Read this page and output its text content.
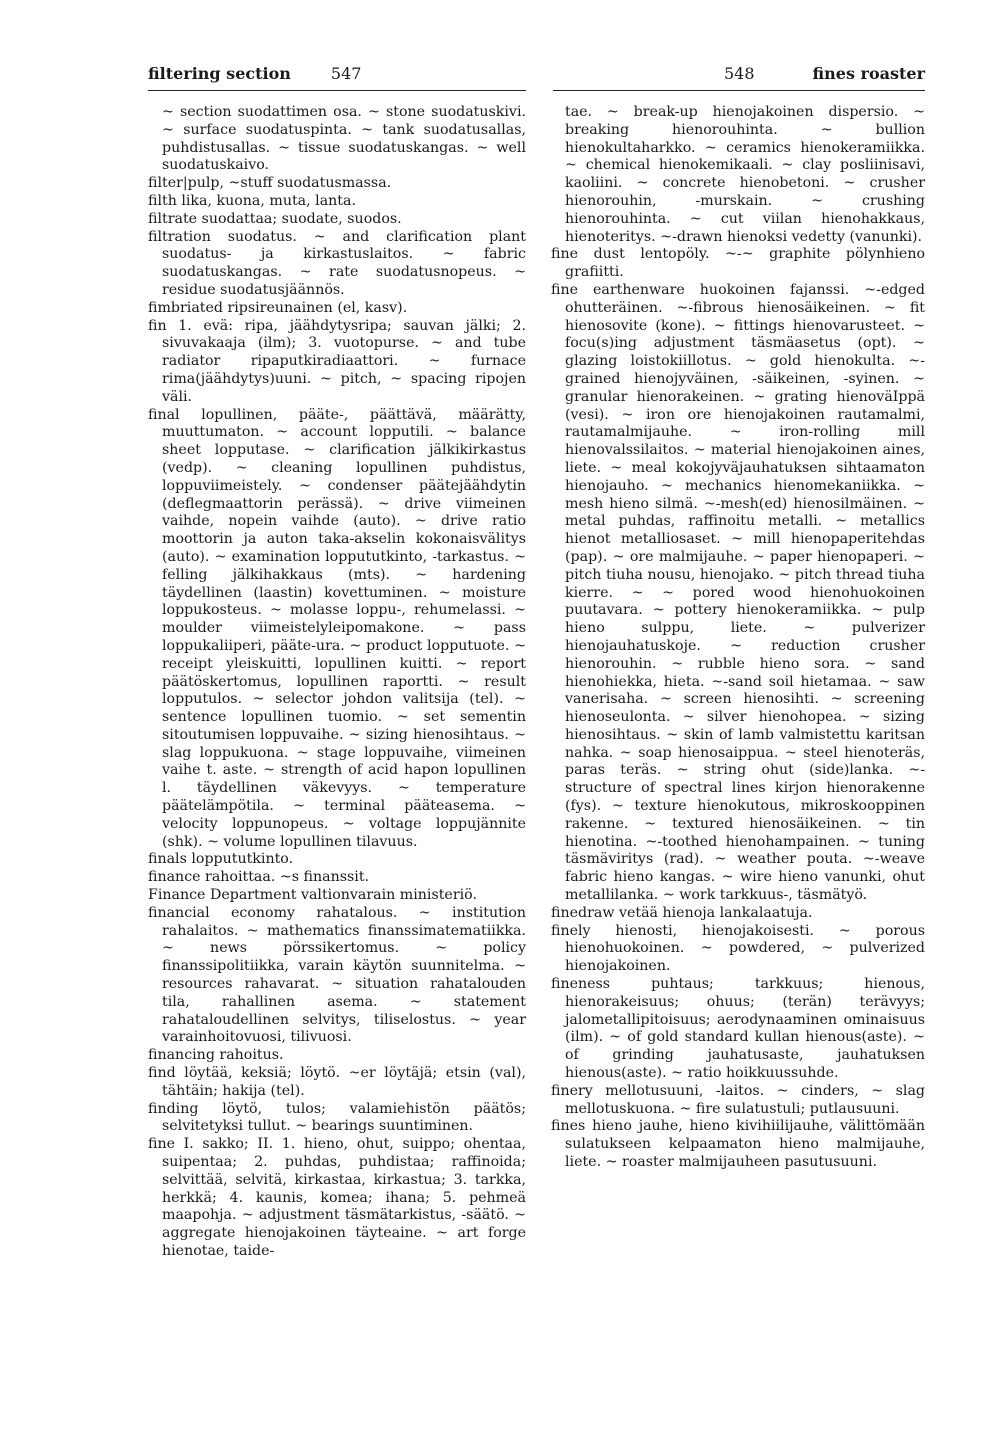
filtering section	547	548	fines roaster

~ section suodattimen osa. ~ stone suodatuskivi. ~ surface suodatuspinta. ~ tank suodatusallas, puhdistusallas. ~ tissue suodatuskangas. ~ well suodatuskaivo.

filter|pulp, ~stuff suodatusmassa.

filth lika, kuona, muta, lanta.

filtrate suodattaa; suodate, suodos.

filtration suodatus. ~ and clarification plant suodatus- ja kirkastuslaitos. ~ fabric suodatuskangas. ~ rate suodatusnopeus. ~ residue suodatusjäännös.

fimbriated ripsireunainen (el, kasv).

fin 1. evä: ripa, jäähdytysripa; sauvan jälki; 2. sivuvakaaja (ilm); 3. vuotopurse. ~ and tube radiator ripaputkiradiaattori. ~ furnace rima(jäähdytys)uuni. ~ pitch, ~ spacing ripojen väli.

final lopullinen, pääte-, päättävä, määrätty, muuttumaton. ~ account lopputili. ~ balance sheet lopputase. ~ clarification jälkikirkastus (vedp). ~ cleaning lopullinen puhdistus, loppuviimeistely. ~ condenser päätejäähdytin (deflegmaattorin perässä). ~ drive viimeinen vaihde, nopein vaihde (auto). ~ drive ratio moottorin ja auton taka-akselin kokonaisvälitys (auto). ~ examination loppututkinto, -tarkastus. ~ felling jälkihakkaus (mts). ~ hardening täydellinen (laastin) kovettuminen. ~ moisture loppukosteus. ~ molasse loppu-, rehumelassi. ~ moulder viimeistelyleipomakone. ~ pass loppukaliiperi, pääte-ura. ~ product lopputuote. ~ receipt yleiskuitti, lopullinen kuitti. ~ report päätöskertomus, lopullinen raportti. ~ result lopputulos. ~ selector johdon valitsija (tel). ~ sentence lopullinen tuomio. ~ set sementin sitoutumisen loppuvaihe. ~ sizing hienosihtaus. ~ slag loppukuona. ~ stage loppuvaihe, viimeinen vaihe t. aste. ~ strength of acid hapon lopullinen l. täydellinen väkevyys. ~ temperature päätelämpötila. ~ terminal pääteasema. ~ velocity loppunopeus. ~ voltage loppujännite (shk). ~ volume lopullinen tilavuus.

finals loppututkinto.

finance rahoittaa. ~s finanssit.

Finance Department valtionvarain ministeriö.

financial economy rahatalous. ~ institution rahalaitos. ~ mathematics finanssimatematiikka. ~ news pörssikertomus. ~ policy finanssipolitiikka, varain käytön suunnitelma. ~ resources rahavarat. ~ situation rahatalouden tila, rahallinen asema. ~ statement rahataloudellinen selvitys, tiliselostus. ~ year varainhoitovuosi, tilivuosi.

financing rahoitus.

find löytää, keksiä; löytö. ~er löytäjä; etsin (val), tähtäin; hakija (tel).

finding löytö, tulos; valamiehistön päätös; selvitetyksi tullut. ~ bearings suuntiminen.

fine I. sakko; II. 1. hieno, ohut, suippo; ohentaa, suipentaa; 2. puhdas, puhdistaa; raffinoida; selvittää, selvitä, kirkastaa, kirkastua; 3. tarkka, herkkä; 4. kaunis, komea; ihana; 5. pehmeä maapohja. ~ adjustment täsmätarkistus, -säätö. ~ aggregate hienojakoinen täyteaine. ~ art forge hienotae, taide-

tae. ~ break-up hienojakoinen dispersio. ~ breaking hienorouhinta. ~ bullion hienokultaharkko. ~ ceramics hienokeramiikka. ~ chemical hienokemikaali. ~ clay posliinisavi, kaoliini. ~ concrete hienobetoni. ~ crusher hienorouhin, -murskain. ~ crushing hienorouhinta. ~ cut viilan hienohakkaus, hienoteritys. ~-drawn hienoksi vedetty (vanunki).

fine dust lentopöly. ~-~ graphite pölynhieno grafiitti.

fine earthenware huokoinen fajanssi. ~-edged ohutteräinen. ~-fibrous hienosäikeinen. ~ fit hienosovite (kone). ~ fittings hienovarusteet. ~ focu(s)ing adjustment täsmäasetus (opt). ~ glazing loistokiillotus. ~ gold hienokulta. ~-grained hienojyväinen, -säikeinen, -syinen. ~ granular hienorakeinen. ~ grating hienoväIppä (vesi). ~ iron ore hienojakoinen rautamalmi, rautamalmijauhe. ~ iron-rolling mill hienovalssilaitos. ~ material hienojakoinen aines, liete. ~ meal kokojyväjauhatuksen sihtaamaton hienojauho. ~ mechanics hienomekaniikka. ~ mesh hieno silmä. ~-mesh(ed) hienosilmäinen. ~ metal puhdas, raffinoitu metalli. ~ metallics hienot metalliosaset. ~ mill hienopaperitehdas (pap). ~ ore malmijauhe. ~ paper hienopaperi. ~ pitch tiuha nousu, hienojako. ~ pitch thread tiuha kierre. ~ ~ pored wood hienohuokoinen puutavara. ~ pottery hienokeramiikka. ~ pulp hieno sulppu, liete. ~ pulverizer hienojauhatuskoje. ~ reduction crusher hienorouhin. ~ rubble hieno sora. ~ sand hienohiekka, hieta. ~-sand soil hietamaa. ~ saw vanerisaha. ~ screen hienosihti. ~ screening hienoseulonta. ~ silver hienohopea. ~ sizing hienosihtaus. ~ skin of lamb valmistettu karitsan nahka. ~ soap hienosaippua. ~ steel hienoteräs, paras teräs. ~ string ohut (side)lanka. ~-structure of spectral lines kirjon hienorakenne (fys). ~ texture hienokutous, mikroskooppinen rakenne. ~ textured hienosäikeinen. ~ tin hienotina. ~-toothed hienohampainen. ~ tuning täsmäviritys (rad). ~ weather pouta. ~-weave fabric hieno kangas. ~ wire hieno vanunki, ohut metallilanka. ~ work tarkkuus-, täsmätyö.

finedraw vetää hienoja lankalaatuja.

finely hienosti, hienojakoisesti. ~ porous hienohuokoinen. ~ powdered, ~ pulverized hienojakoinen.

fineness puhtaus; tarkkuus; hienous, hienorakeisuus; ohuus; (terän) terävyys; jalometallipitoisuus; aerodynaaminen ominaisuus (ilm). ~ of gold standard kullan hienous(aste). ~ of grinding jauhatusaste, jauhatuksen hienous(aste). ~ ratio hoikkuussuhde.

finery mellotusuuni, -laitos. ~ cinders, ~ slag mellotuskuona. ~ fire sulatustuli; putlausuuni.

fines hieno jauhe, hieno kivihiilijauhe, välittömään sulatukseen kelpaamaton hieno malmijauhe, liete. ~ roaster malmijauheen pasutusuuni.
